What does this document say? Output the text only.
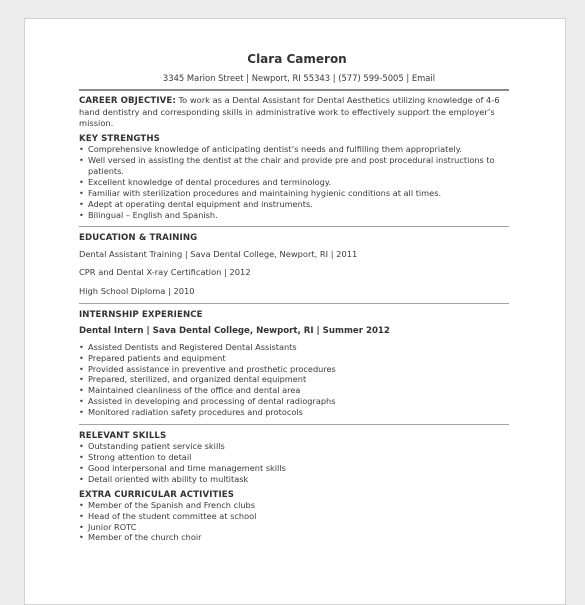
Clara Cameron
3345 Marion Street | Newport, RI 55343 | (577) 599-5005 | Email
CAREER OBJECTIVE: To work as a Dental Assistant for Dental Aesthetics utilizing knowledge of 4-6 hand dentistry and corresponding skills in administrative work to effectively support the employer’s mission.
KEY STRENGTHS
• Comprehensive knowledge of anticipating dentist’s needs and fulfilling them appropriately.
• Well versed in assisting the dentist at the chair and provide pre and post procedural instructions to patients.
• Excellent knowledge of dental procedures and terminology.
• Familiar with sterilization procedures and maintaining hygienic conditions at all times.
• Adept at operating dental equipment and instruments.
• Bilingual – English and Spanish.
EDUCATION & TRAINING
Dental Assistant Training | Sava Dental College, Newport, RI | 2011
CPR and Dental X-ray Certification | 2012
High School Diploma | 2010
INTERNSHIP EXPERIENCE
Dental Intern | Sava Dental College, Newport, RI | Summer 2012
• Assisted Dentists and Registered Dental Assistants
• Prepared patients and equipment
• Provided assistance in preventive and prosthetic procedures
• Prepared, sterilized, and organized dental equipment
• Maintained cleanliness of the office and dental area
• Assisted in developing and processing of dental radiographs
• Monitored radiation safety procedures and protocols
RELEVANT SKILLS
• Outstanding patient service skills
• Strong attention to detail
• Good interpersonal and time management skills
• Detail oriented with ability to multitask
EXTRA CURRICULAR ACTIVITIES
• Member of the Spanish and French clubs
• Head of the student committee at school
• Junior ROTC
• Member of the church choir
